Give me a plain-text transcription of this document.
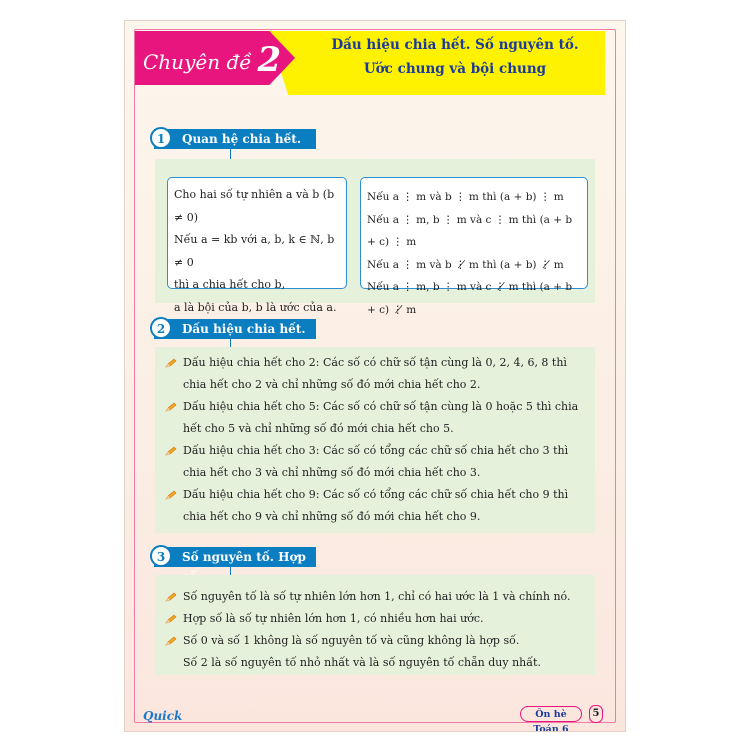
Chuyên đề 2	Dấu hiệu chia hết. Số nguyên tố.
Ước chung và bội chung
1	Quan hệ chia hết.
Cho hai số tự nhiên a và b (b ≠ 0)
Nếu a = kb với a, b, k ∈ ℕ, b ≠ 0
thì a chia hết cho b,
a là bội của b, b là ước của a.
Nếu a ⋮ m và b ⋮ m thì (a + b) ⋮ m
Nếu a ⋮ m, b ⋮ m và c ⋮ m thì (a + b + c) ⋮ m
Nếu a ⋮ m và b ⋮̸ m thì (a + b) ⋮̸ m
Nếu a ⋮ m, b ⋮ m và c ⋮̸ m thì (a + b + c) ⋮̸ m
2	Dấu hiệu chia hết.
Dấu hiệu chia hết cho 2: Các số có chữ số tận cùng là 0, 2, 4, 6, 8 thì chia hết cho 2 và chỉ những số đó mới chia hết cho 2.
Dấu hiệu chia hết cho 5: Các số có chữ số tận cùng là 0 hoặc 5 thì chia hết cho 5 và chỉ những số đó mới chia hết cho 5.
Dấu hiệu chia hết cho 3: Các số có tổng các chữ số chia hết cho 3 thì chia hết cho 3 và chỉ những số đó mới chia hết cho 3.
Dấu hiệu chia hết cho 9: Các số có tổng các chữ số chia hết cho 9 thì chia hết cho 9 và chỉ những số đó mới chia hết cho 9.
3	Số nguyên tố. Hợp
Số nguyên tố là số tự nhiên lớn hơn 1, chỉ có hai ước là 1 và chính nó.
Hợp số là số tự nhiên lớn hơn 1, có nhiều hơn hai ước.
Số 0 và số 1 không là số nguyên tố và cũng không là hợp số.
Số 2 là số nguyên tố nhỏ nhất và là số nguyên tố chẵn duy nhất.
Quick	Ôn hè Toán 6
5
